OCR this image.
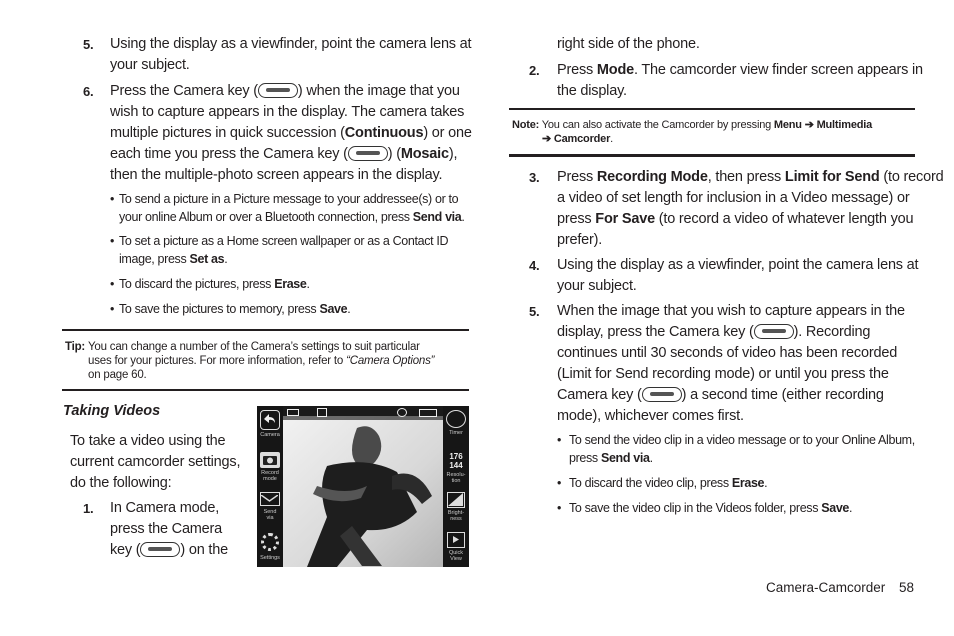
5. Using the display as a viewfinder, point the camera lens at
your subject.
6. Press the Camera key (	) when the image that you
wish to capture appears in the display. The camera takes
multiple pictures in quick succession (Continuous) or one
each time you press the Camera key (	) (Mosaic),
then the multiple-photo screen appears in the display.
• To send a picture in a Picture message to your addressee(s) or to
your online Album or over a Bluetooth connection, press Send via.
• To set a picture as a Home screen wallpaper or as a Contact ID
image, press Set as.
• To discard the pictures, press Erase.
• To save the pictures to memory, press Save.
Tip: You can change a number of the Camera’s settings to suit particular
uses for your pictures. For more information, refer to “Camera Options”
on page 60.
Taking Videos
To take a video using the
current camcorder settings,
do the following:
1. In Camera mode,
press the Camera
key (	) on the
Camera
Record
mode
Send
via
Settings
Timer
176
144
Resolu-
tion
Bright-
ness
Quick
View
right side of the phone.
2. Press Mode. The camcorder view finder screen appears in
the display.
Note: You can also activate the Camcorder by pressing Menu ➔ Multimedia
➔ Camcorder.
3. Press Recording Mode, then press Limit for Send (to record
a video of set length for inclusion in a Video message) or
press For Save (to record a video of whatever length you
prefer).
4. Using the display as a viewfinder, point the camera lens at
your subject.
5. When the image that you wish to capture appears in the
display, press the Camera key (	). Recording
continues until 30 seconds of video has been recorded
(Limit for Send recording mode) or until you press the
Camera key (	) a second time (either recording
mode), whichever comes first.
• To send the video clip in a video message or to your Online Album,
press Send via.
• To discard the video clip, press Erase.
• To save the video clip in the Videos folder, press Save.
Camera-Camcorder 58
